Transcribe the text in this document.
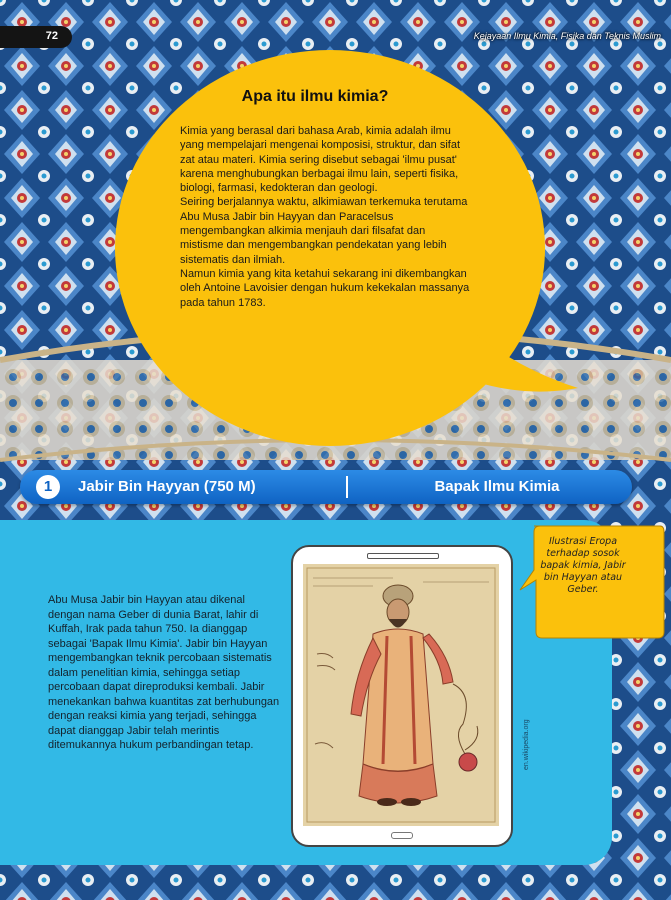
72	Kejayaan Ilmu Kimia, Fisika dan Teknis Muslim
Apa itu ilmu kimia?

Kimia yang berasal dari bahasa Arab, kimia adalah ilmu yang mempelajari mengenai komposisi, struktur, dan sifat zat atau materi. Kimia sering disebut sebagai 'ilmu pusat' karena menghubungkan berbagai ilmu lain, seperti fisika, biologi, farmasi, kedokteran dan geologi.

Seiring berjalannya waktu, alkimiawan terkemuka terutama Abu Musa Jabir bin Hayyan dan Paracelsus mengembangkan alkimia menjauh dari filsafat dan mistisme dan mengembangkan pendekatan yang lebih sistematis dan ilmiah.

Namun kimia yang kita ketahui sekarang ini dikembangkan oleh Antoine Lavoisier dengan hukum kekekalan massanya pada tahun 1783.

1	Jabir Bin Hayyan (750 M)	Bapak Ilmu Kimia
Abu Musa Jabir bin Hayyan atau dikenal dengan nama Geber di dunia Barat, lahir di Kuffah, Irak pada tahun 750. Ia dianggap sebagai 'Bapak Ilmu Kimia'. Jabir bin Hayyan mengembangkan teknik percobaan sistematis dalam penelitian kimia, sehingga setiap percobaan dapat direproduksi kembali. Jabir menekankan bahwa kuantitas zat berhubungan dengan reaksi kimia yang terjadi, sehingga dapat dianggap Jabir telah merintis ditemukannya hukum perbandingan tetap.	en.wikipedia.org
Ilustrasi Eropa terhadap sosok bapak kimia, Jabir bin Hayyan atau Geber.
